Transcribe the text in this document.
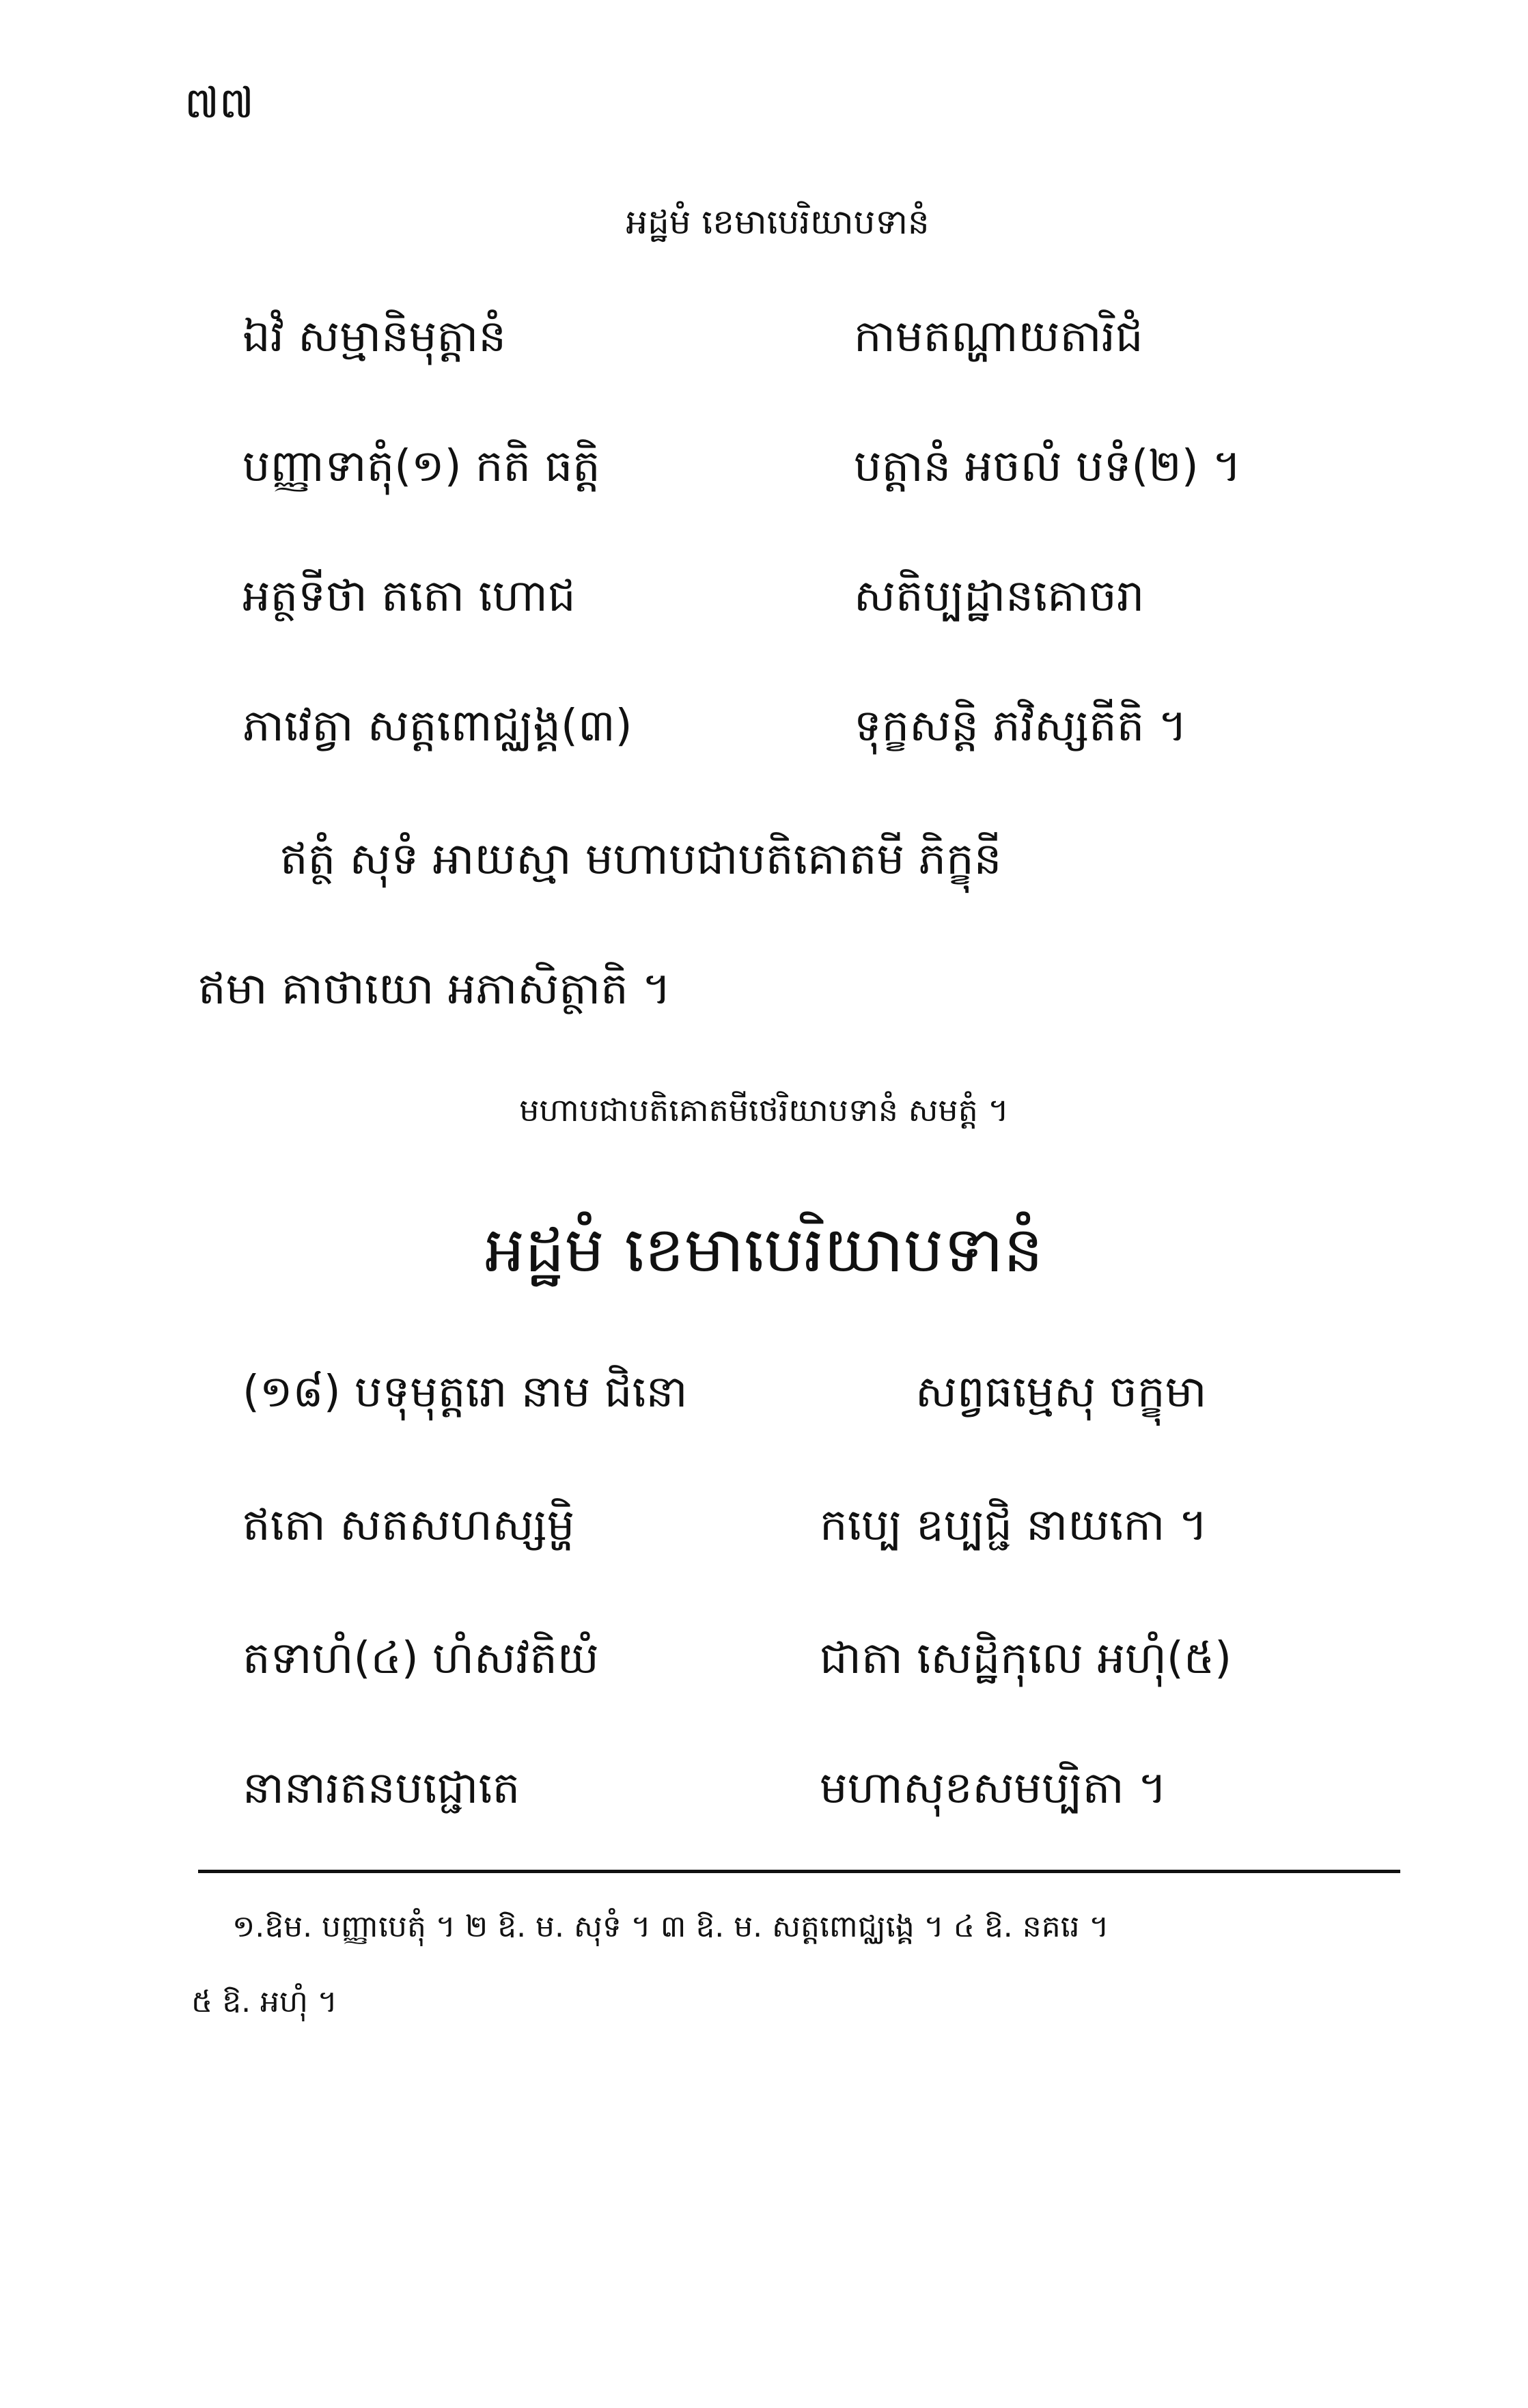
៧៧
អដ្ឋមំ ខេមាបេរិយាបទានំ
ឯវំ សម្មានិមុត្តានំ	កាមតណ្ហាយតារិជំ
បញ្ញាទាតុំ(១) កតិ ធត្តិ	បត្តានំ អចលំ បទំ(២) ។
អត្ថទីថា តតោ ហោជ	សតិប្បដ្ឋានគោចរា
ភាវេត្វា សត្តពោជ្ឈង្គ(៣)	ទុក្ខសន្តិ ភវិស្សតីតិ ។
ឥត្ថំ សុទំ អាយស្មា មហាបជាបតិគោតមី ភិក្ខុនី
ឥមា គាថាយោ អភាសិត្ថាតិ ។
មហាបជាបតិគោតមីថេរិយាបទានំ សមត្តំ ។
អដ្ឋមំ ខេមាបេរិយាបទានំ
(១៨) បទុមុត្តរោ នាម ជិនោ	សព្វធម្មេសុ ចក្ខុមា
ឥតោ សតសហស្សម្ហិ	កប្បេ ឧប្បជ្ជិ នាយកោ ។
តទាហំ(៤) ហំសវតិយំ	ជាតា សេដ្ឋិកុលេ អហុំ(៥)
នានារតនបជ្ជោតេ	មហាសុខសមប្បិតា ។
១.ឱម. បញ្ញាបេតុំ ។ ២ ឱ. ម. សុទំ ។ ៣ ឱ. ម. សត្តពោជ្ឈង្គេ ។ ៤ ឱ. នគរេ ។
៥ ឱ. អហុំ ។
